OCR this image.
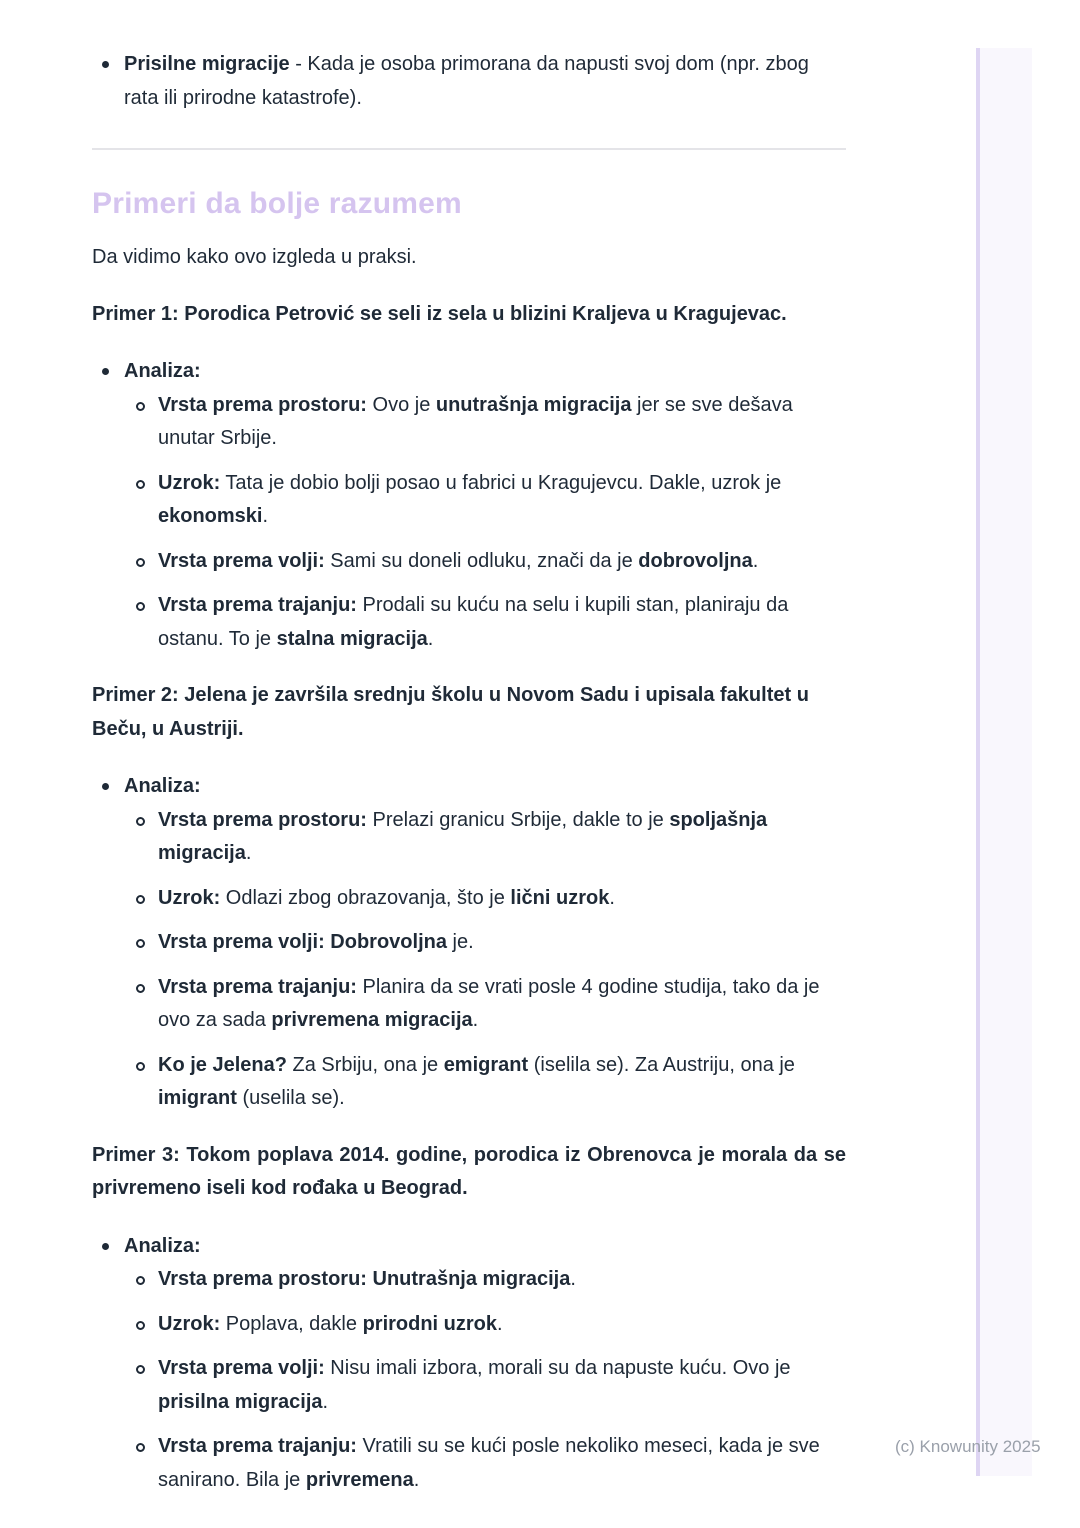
Prisilne migracije - Kada je osoba primorana da napusti svoj dom (npr. zbog rata ili prirodne katastrofe).
Primeri da bolje razumem

Da vidimo kako ovo izgleda u praksi.

Primer 1: Porodica Petrović se seli iz sela u blizini Kraljeva u Kragujevac.

Analiza:
Vrsta prema prostoru: Ovo je unutrašnja migracija jer se sve dešava unutar Srbije.
Uzrok: Tata je dobio bolji posao u fabrici u Kragujevcu. Dakle, uzrok je ekonomski.
Vrsta prema volji: Sami su doneli odluku, znači da je dobrovoljna.
Vrsta prema trajanju: Prodali su kuću na selu i kupili stan, planiraju da ostanu. To je stalna migracija.

Primer 2: Jelena je završila srednju školu u Novom Sadu i upisala fakultet u Beču, u Austriji.

Analiza:
Vrsta prema prostoru: Prelazi granicu Srbije, dakle to je spoljašnja migracija.
Uzrok: Odlazi zbog obrazovanja, što je lični uzrok.
Vrsta prema volji: Dobrovoljna je.
Vrsta prema trajanju: Planira da se vrati posle 4 godine studija, tako da je ovo za sada privremena migracija.
Ko je Jelena? Za Srbiju, ona je emigrant (iselila se). Za Austriju, ona je imigrant (uselila se).

Primer 3: Tokom poplava 2014. godine, porodica iz Obrenovca je morala da se privremeno iseli kod rođaka u Beograd.

Analiza:
Vrsta prema prostoru: Unutrašnja migracija.
Uzrok: Poplava, dakle prirodni uzrok.
Vrsta prema volji: Nisu imali izbora, morali su da napuste kuću. Ovo je prisilna migracija.
Vrsta prema trajanju: Vratili su se kući posle nekoliko meseci, kada je sve sanirano. Bila je privremena.
(c) Knowunity 2025
